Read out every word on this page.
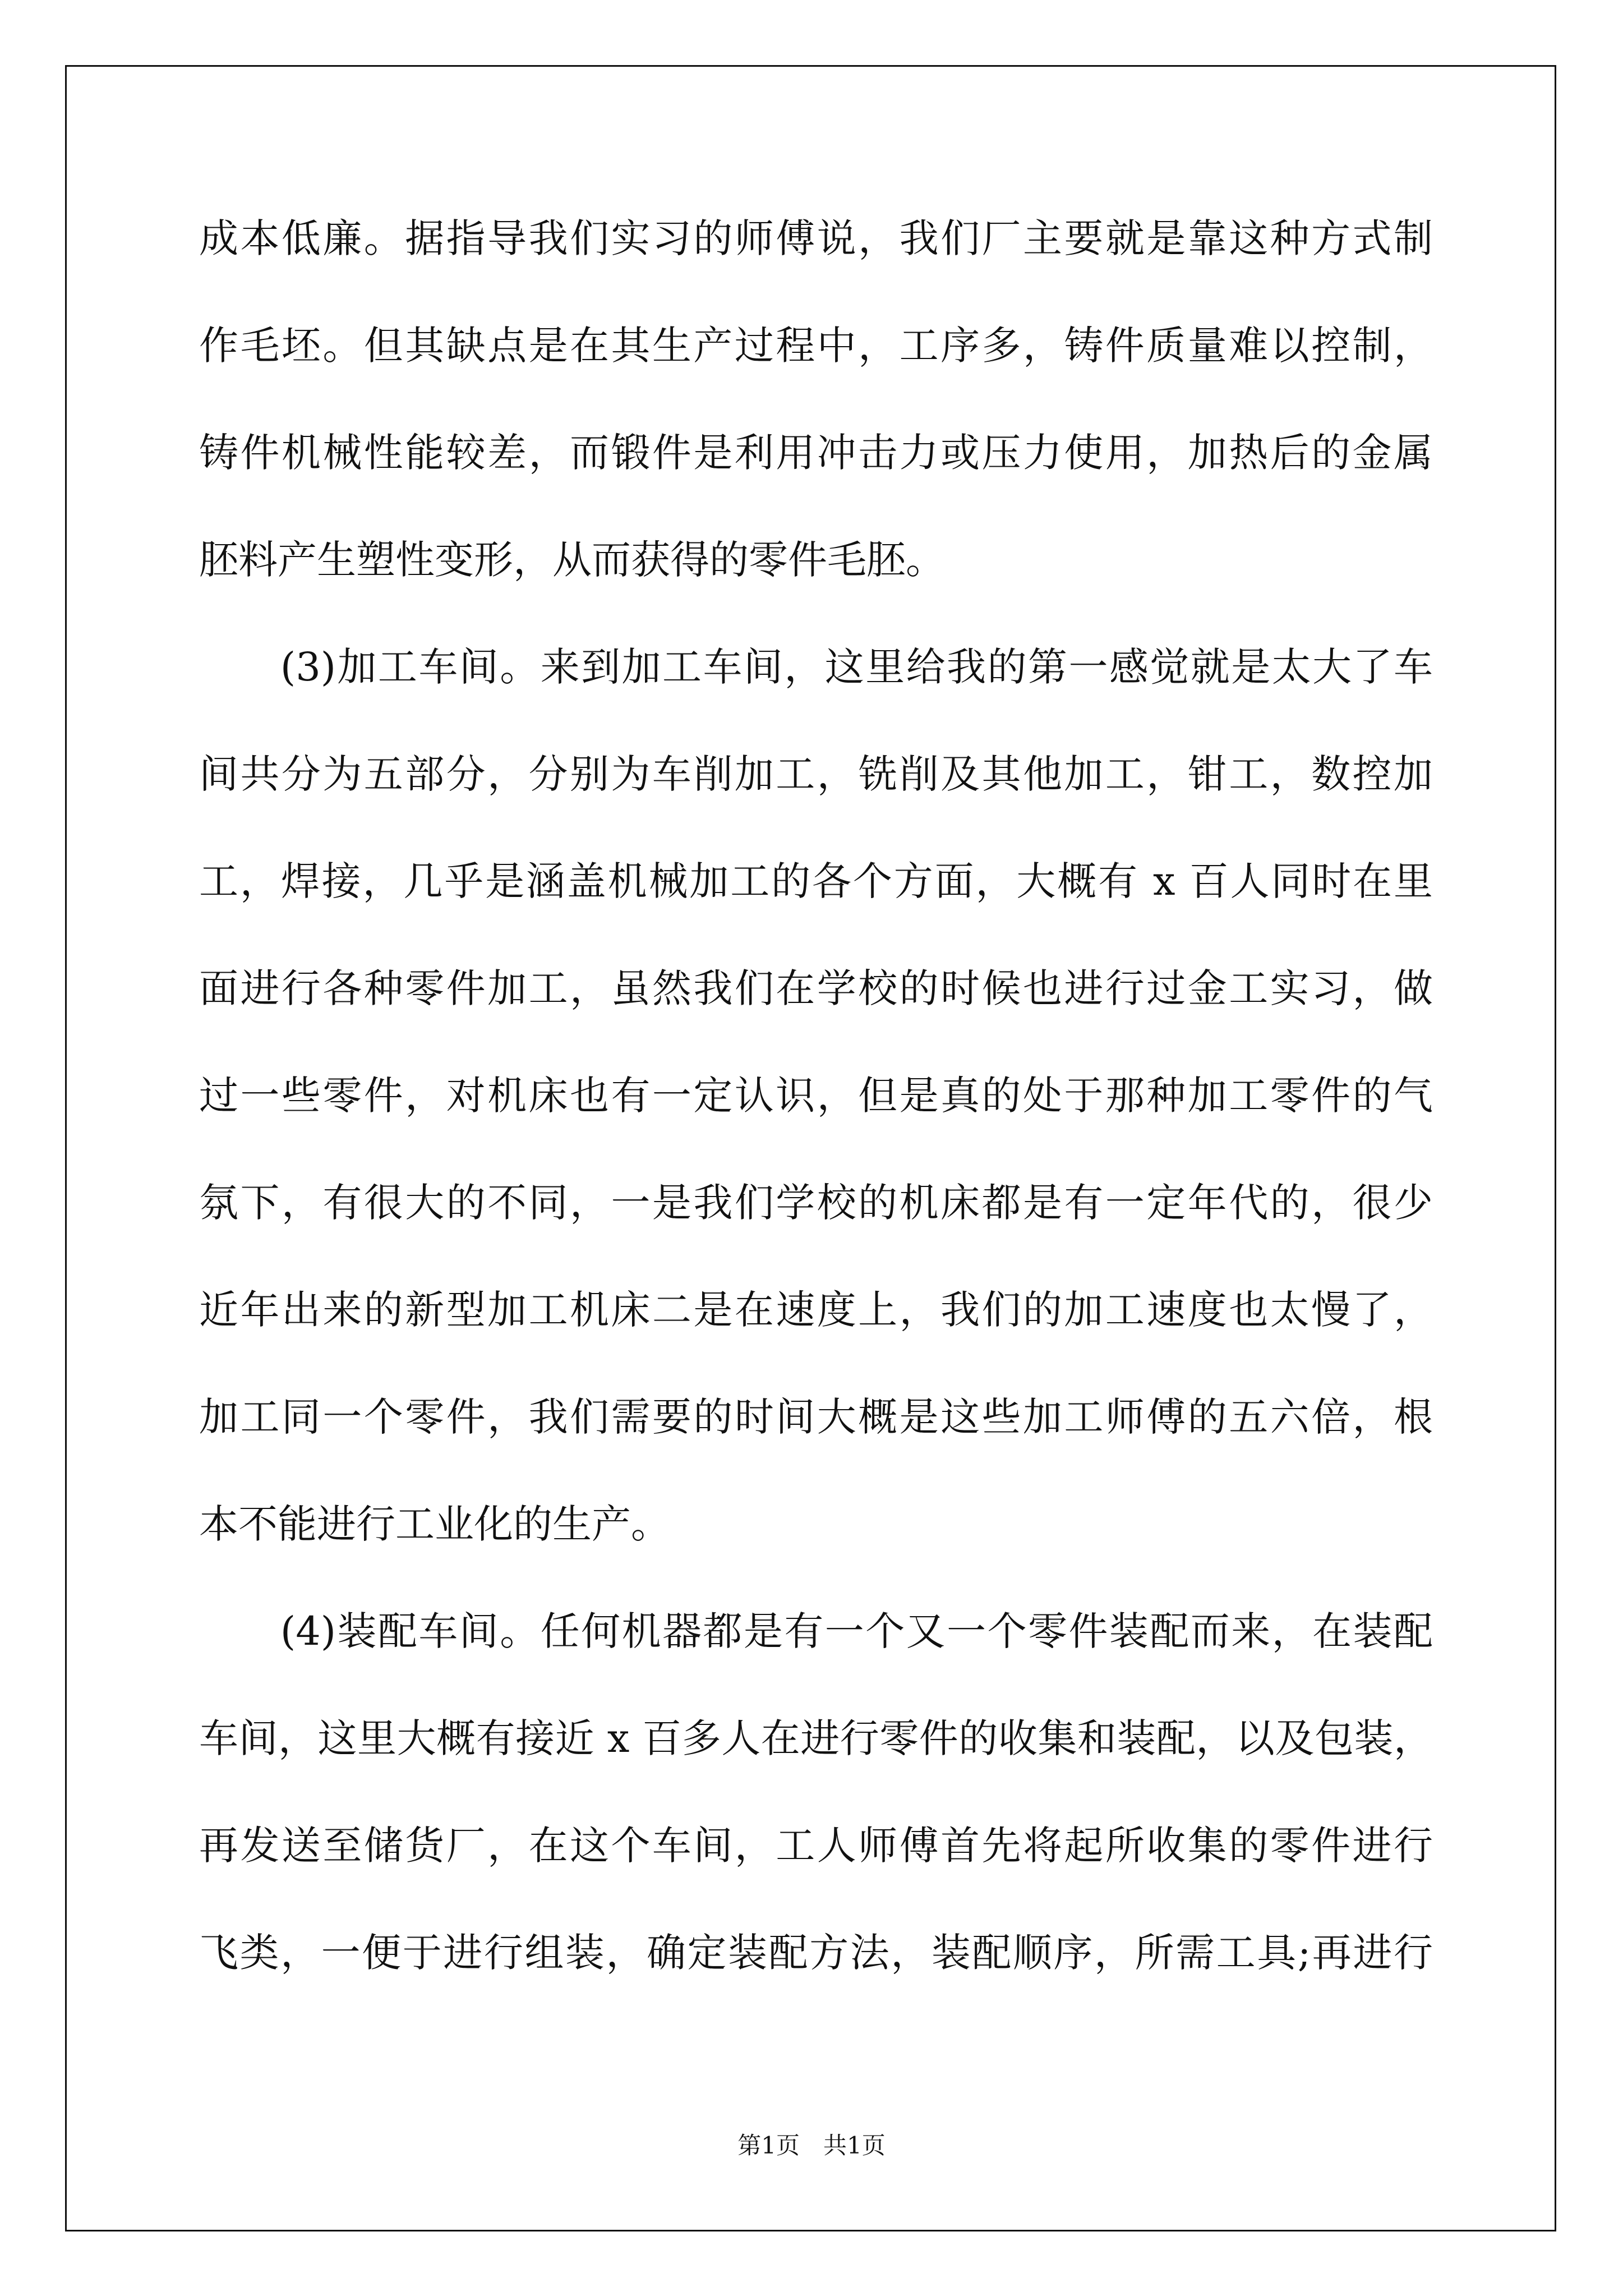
成本低廉。据指导我们实习的师傅说，我们厂主要就是靠这种方式制
作毛坯。但其缺点是在其生产过程中，工序多，铸件质量难以控制，
铸件机械性能较差，而锻件是利用冲击力或压力使用，加热后的金属
胚料产生塑性变形，从而获得的零件毛胚。
　　(3)加工车间。来到加工车间，这里给我的第一感觉就是太大了车
间共分为五部分，分别为车削加工，铣削及其他加工，钳工，数控加
工，焊接，几乎是涵盖机械加工的各个方面，大概有 x 百人同时在里
面进行各种零件加工，虽然我们在学校的时候也进行过金工实习，做
过一些零件，对机床也有一定认识，但是真的处于那种加工零件的气
氛下，有很大的不同，一是我们学校的机床都是有一定年代的，很少
近年出来的新型加工机床二是在速度上，我们的加工速度也太慢了，
加工同一个零件，我们需要的时间大概是这些加工师傅的五六倍，根
本不能进行工业化的生产。
　　(4)装配车间。任何机器都是有一个又一个零件装配而来，在装配
车间，这里大概有接近 x 百多人在进行零件的收集和装配，以及包装，
再发送至储货厂，在这个车间，工人师傅首先将起所收集的零件进行
飞类，一便于进行组装，确定装配方法，装配顺序，所需工具;再进行
第1页　共1页
